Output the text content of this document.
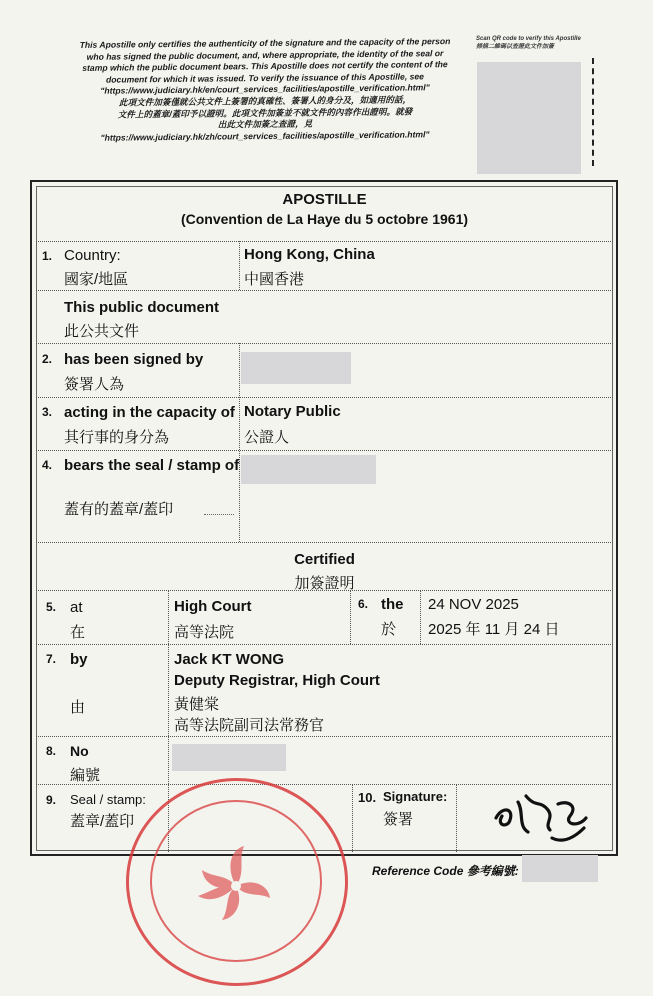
This Apostille only certifies the authenticity of the signature and the capacity of the person
who has signed the public document, and, where appropriate, the identity of the seal or
stamp which the public document bears. This Apostille does not certify the content of the
document for which it was issued. To verify the issuance of this Apostille, see
"https://www.judiciary.hk/en/court_services_facilities/apostille_verification.html"
此項文件加簽僅就公共文件上簽署的真確性、簽署人的身分及，如適用的話，
文件上的蓋章/蓋印予以證明。此項文件加簽並不就文件的內容作出證明。就發
出此文件加簽之查證，見
"https://www.judiciary.hk/zh/court_services_facilities/apostille_verification.html"
Scan QR code to verify this Apostille
掃描二維碼以查證此文件加簽
APOSTILLE
(Convention de La Haye du 5 octobre 1961)
1. Country:
國家/地區
Hong Kong, China
中國香港
This public document
此公共文件
2. has been signed by
簽署人為
3. acting in the capacity of
其行事的身分為
Notary Public
公證人
4. bears the seal / stamp of
蓋有的蓋章/蓋印
Certified
加簽證明
5. at
在
High Court
高等法院
6. the
於
24 NOV 2025
2025 年 11 月 24 日
7. by
由
Jack KT WONG
Deputy Registrar, High Court
黃健棠
高等法院副司法常務官
8. No
編號
9. Seal / stamp:
蓋章/蓋印
10. Signature:
簽署
Reference Code 參考編號:
